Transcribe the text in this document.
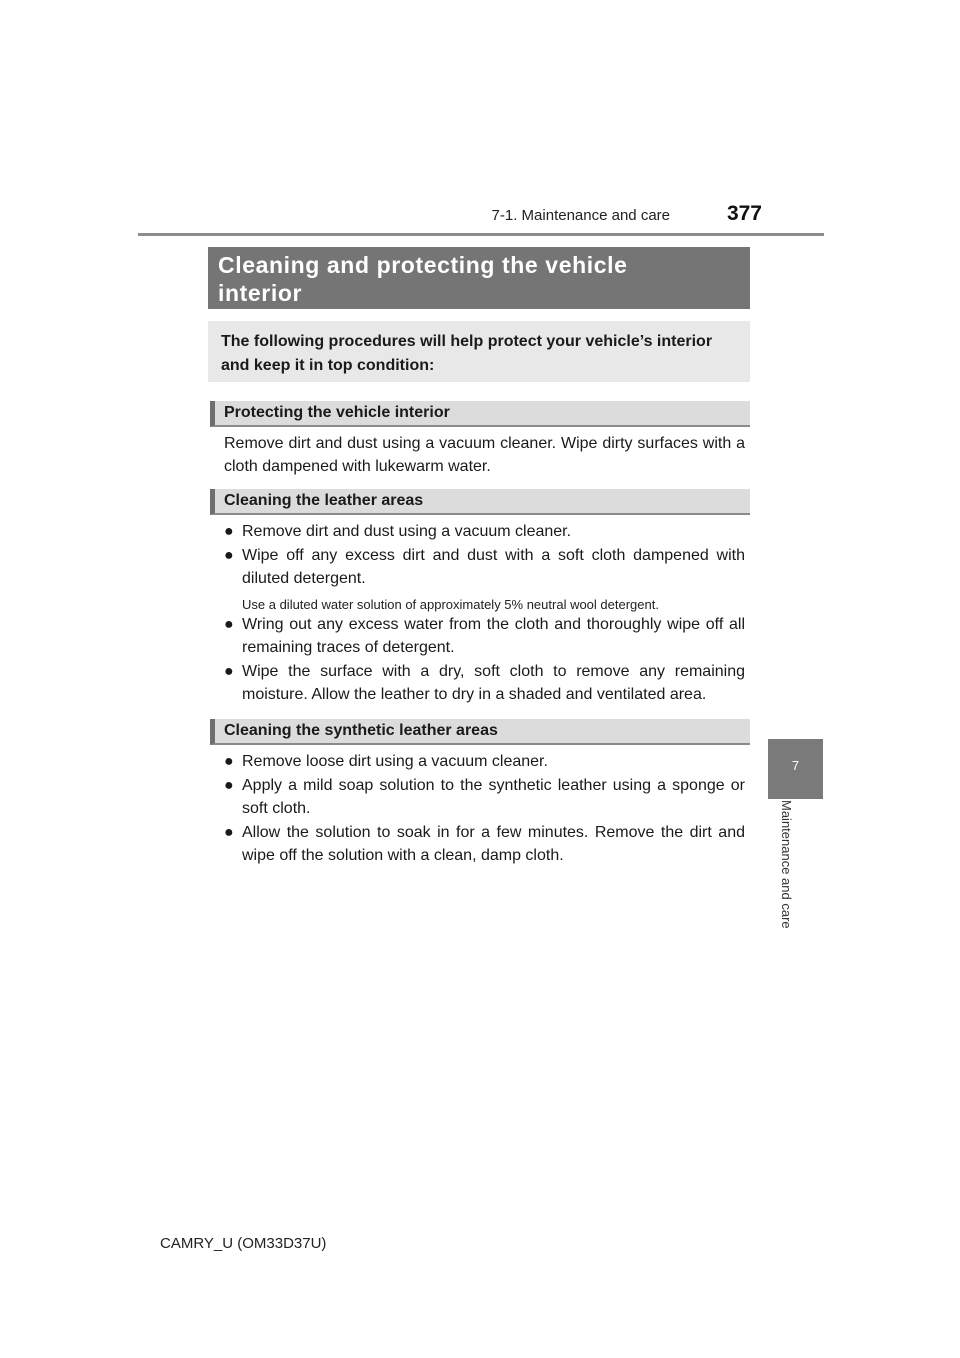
7-1. Maintenance and care	377
7
Maintenance and care
Cleaning and protecting the vehicle
interior
The following procedures will help protect your vehicle’s interior
and keep it in top condition:
Protecting the vehicle interior
Remove dirt and dust using a vacuum cleaner. Wipe dirty surfaces with a cloth dampened with lukewarm water.
Cleaning the leather areas
● Remove dirt and dust using a vacuum cleaner.
● Wipe off any excess dirt and dust with a soft cloth dampened with diluted detergent.
Use a diluted water solution of approximately 5% neutral wool detergent.
● Wring out any excess water from the cloth and thoroughly wipe off all remaining traces of detergent.
● Wipe the surface with a dry, soft cloth to remove any remaining moisture. Allow the leather to dry in a shaded and ventilated area.
Cleaning the synthetic leather areas
● Remove loose dirt using a vacuum cleaner.
● Apply a mild soap solution to the synthetic leather using a sponge or soft cloth.
● Allow the solution to soak in for a few minutes. Remove the dirt and wipe off the solution with a clean, damp cloth.
CAMRY_U (OM33D37U)
